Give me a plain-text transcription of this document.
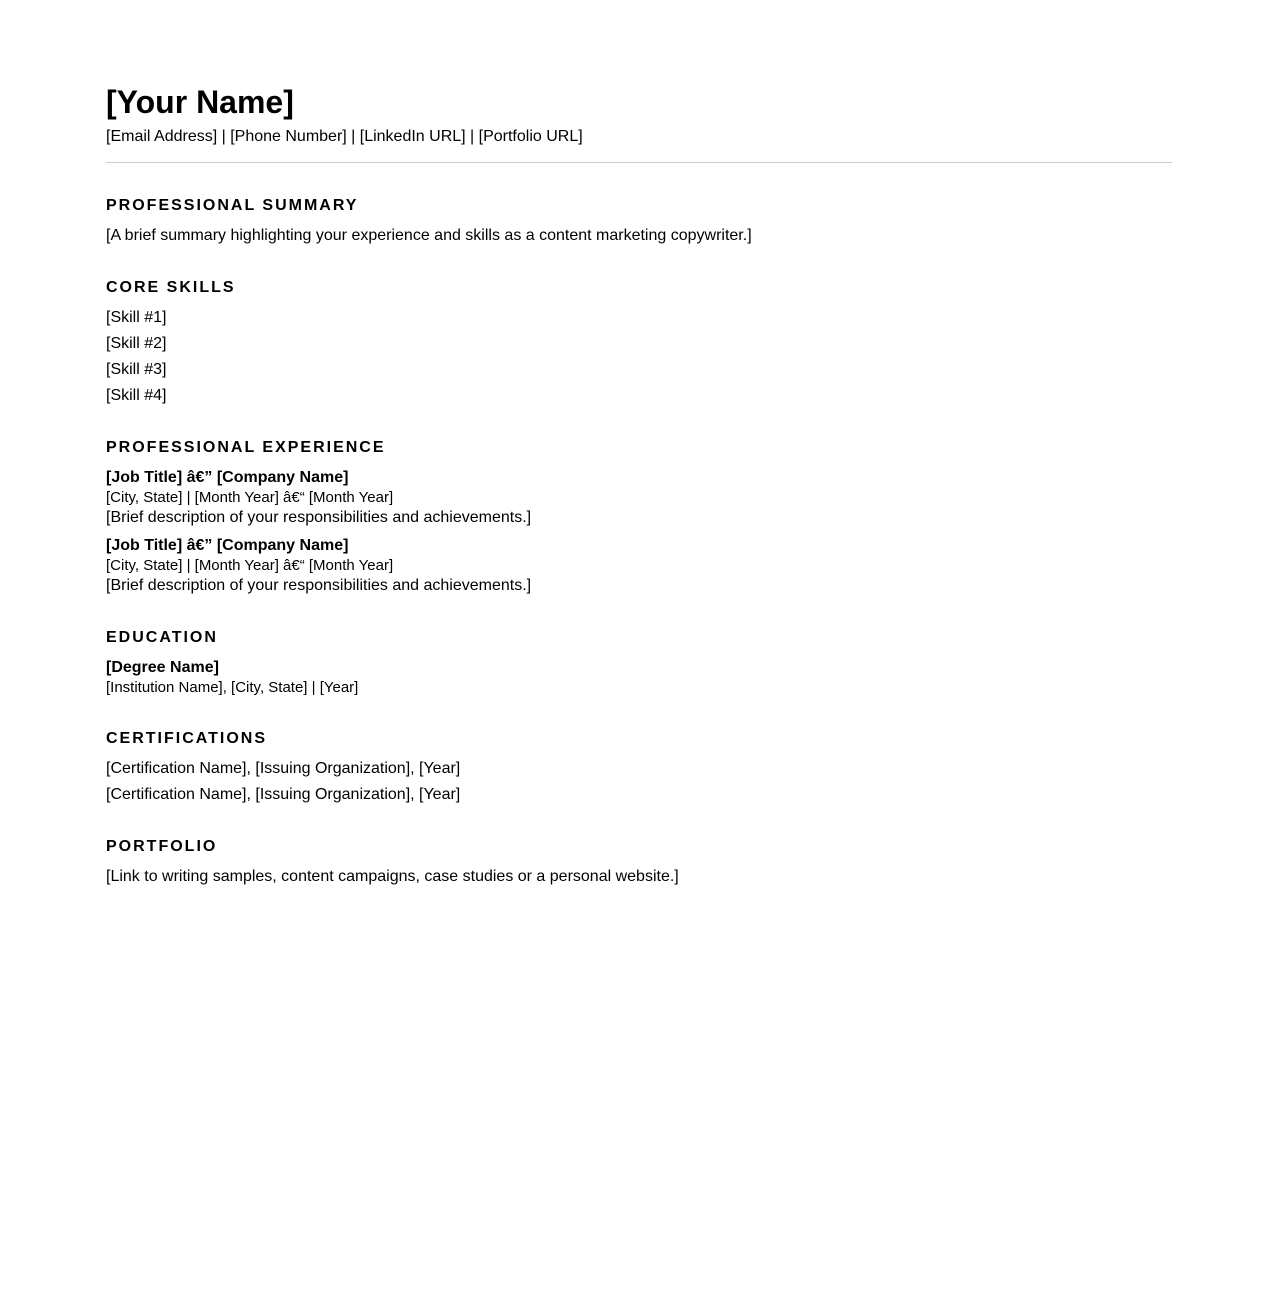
[Your Name]
[Email Address] | [Phone Number] | [LinkedIn URL] | [Portfolio URL]
PROFESSIONAL SUMMARY
[A brief summary highlighting your experience and skills as a content marketing copywriter.]
CORE SKILLS
[Skill #1]
[Skill #2]
[Skill #3]
[Skill #4]
PROFESSIONAL EXPERIENCE
[Job Title] â€” [Company Name]
[City, State] | [Month Year] â€“ [Month Year]
[Brief description of your responsibilities and achievements.]
[Job Title] â€” [Company Name]
[City, State] | [Month Year] â€“ [Month Year]
[Brief description of your responsibilities and achievements.]
EDUCATION
[Degree Name]
[Institution Name], [City, State] | [Year]
CERTIFICATIONS
[Certification Name], [Issuing Organization], [Year]
[Certification Name], [Issuing Organization], [Year]
PORTFOLIO
[Link to writing samples, content campaigns, case studies or a personal website.]
